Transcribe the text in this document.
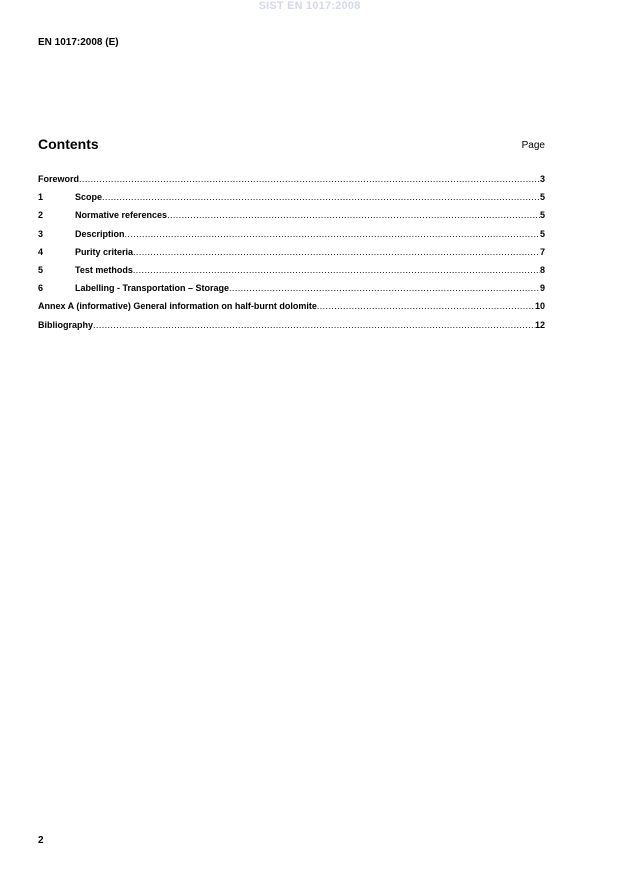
SIST EN 1017:2008
EN 1017:2008 (E)
Contents	Page
Foreword .....	3
1	Scope .....	5
2	Normative references .....	5
3	Description .....	5
4	Purity criteria .....	7
5	Test methods .....	8
6	Labelling - Transportation – Storage .....	9
Annex A (informative) General information on half-burnt dolomite .....	10
Bibliography .....	12
2
